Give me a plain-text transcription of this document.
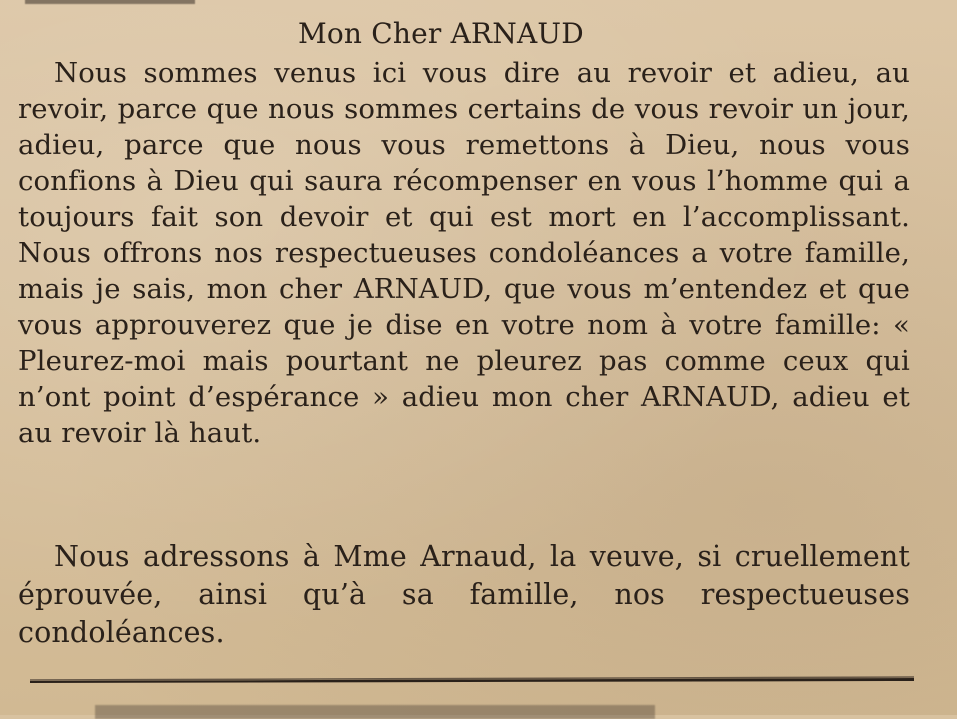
Mon Cher ARNAUD

Nous sommes venus ici vous dire au revoir et adieu, au revoir, parce que nous sommes certains de vous revoir un jour, adieu, parce que nous vous remettons à Dieu, nous vous confions à Dieu qui saura récompenser en vous l’homme qui a toujours fait son devoir et qui est mort en l’accomplissant. Nous offrons nos respectueuses condoléances a votre famille, mais je sais, mon cher ARNAUD, que vous m’entendez et que vous approuverez que je dise en votre nom à votre famille: « Pleurez-moi mais pourtant ne pleurez pas comme ceux qui n’ont point d’espérance » adieu mon cher ARNAUD, adieu et au revoir là haut.

Nous adressons à Mme Arnaud, la veuve, si cruellement éprouvée, ainsi qu’à sa famille, nos respectueuses condoléances.
